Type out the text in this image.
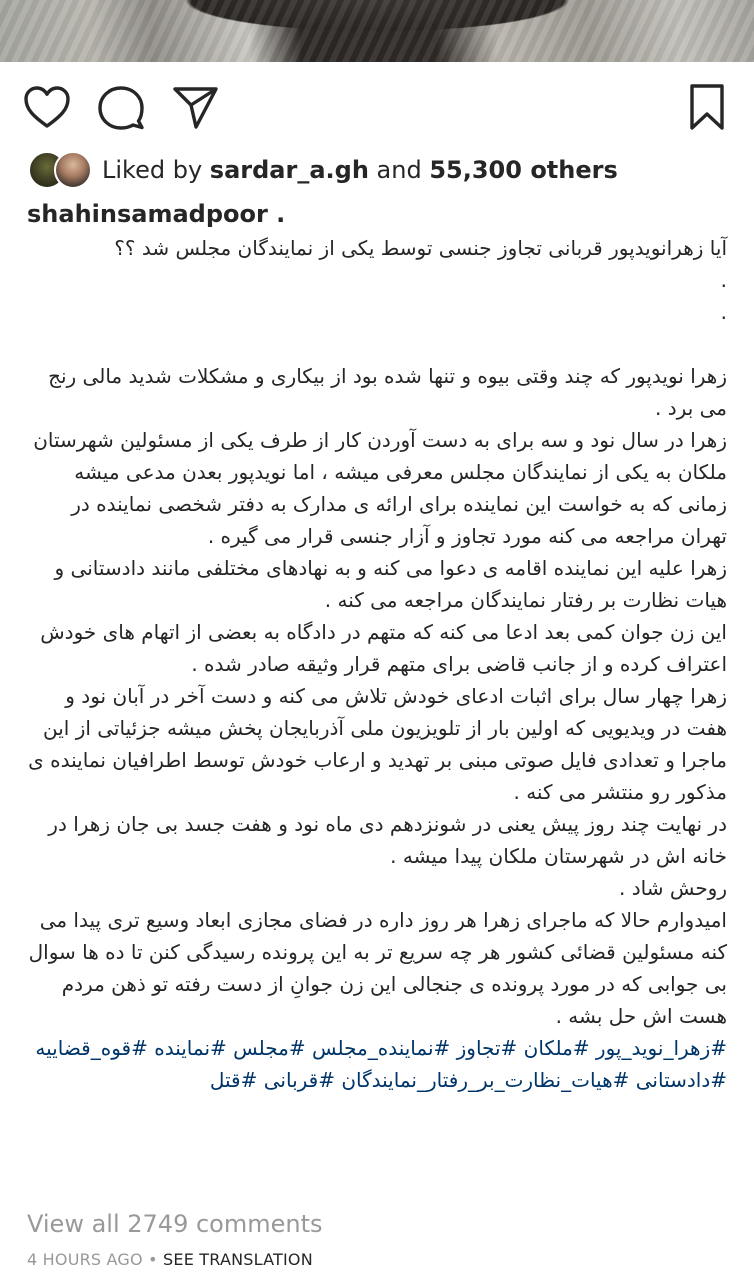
Liked by sardar_a.gh and 55,300 others
shahinsamadpoor .

آیا زهرانویدپور قربانی تجاوز جنسی توسط یکی از نمایندگان مجلس شد ؟؟

.

.

زهرا نویدپور که چند وقتی بیوه و تنها شده بود از بیکاری و مشکلات شدید مالی رنج می برد .

زهرا در سال نود و سه برای به دست آوردن کار از طرف یکی از مسئولین شهرستان ملکان به یکی از نمایندگان مجلس معرفی میشه ، اما نویدپور بعدن مدعی میشه زمانی که به خواست این نماینده برای ارائه ی مدارک به دفتر شخصی نماینده در تهران مراجعه می کنه مورد تجاوز و آزار جنسی قرار می گیره .

زهرا علیه این نماینده اقامه ی دعوا می کنه و به نهادهای مختلفی مانند دادستانی و هیات نظارت بر رفتار نمایندگان مراجعه می کنه .

این زن جوان کمی بعد ادعا می کنه که متهم در دادگاه به بعضی از اتهام های خودش اعتراف کرده و از جانب قاضی برای متهم قرار وثیقه صادر شده .

زهرا چهار سال برای اثبات ادعای خودش تلاش می کنه و دست آخر در آبان نود و هفت در ویدیویی که اولین بار از تلویزیون ملی آذربایجان پخش میشه جزئیاتی از این ماجرا و تعدادی فایل صوتی مبنی بر تهدید و ارعاب خودش توسط اطرافیان نماینده ی مذکور رو منتشر می کنه .

در نهایت چند روز پیش یعنی در شونزدهم دی ماه نود و هفت جسد بی جان زهرا در خانه اش در شهرستان ملکان پیدا میشه .

روحش شاد .

امیدوارم حالا که ماجرای زهرا هر روز داره در فضای مجازی ابعاد وسیع تری پیدا می کنه مسئولین قضائی کشور هر چه سریع تر به این پرونده رسیدگی کنن تا ده ها سوال بی جوابی که در مورد پرونده ی جنجالی این زن جوانِ از دست رفته تو ذهن مردم هست اش حل بشه .

#زهرا_نوید_پور #ملکان #تجاوز #نماینده_مجلس #مجلس #نماینده #قوه_قضاییه #دادستانی #هیات_نظارت_بر_رفتار_نمایندگان #قربانی #قتل

View all 2749 comments
4 HOURS AGO • SEE TRANSLATION
